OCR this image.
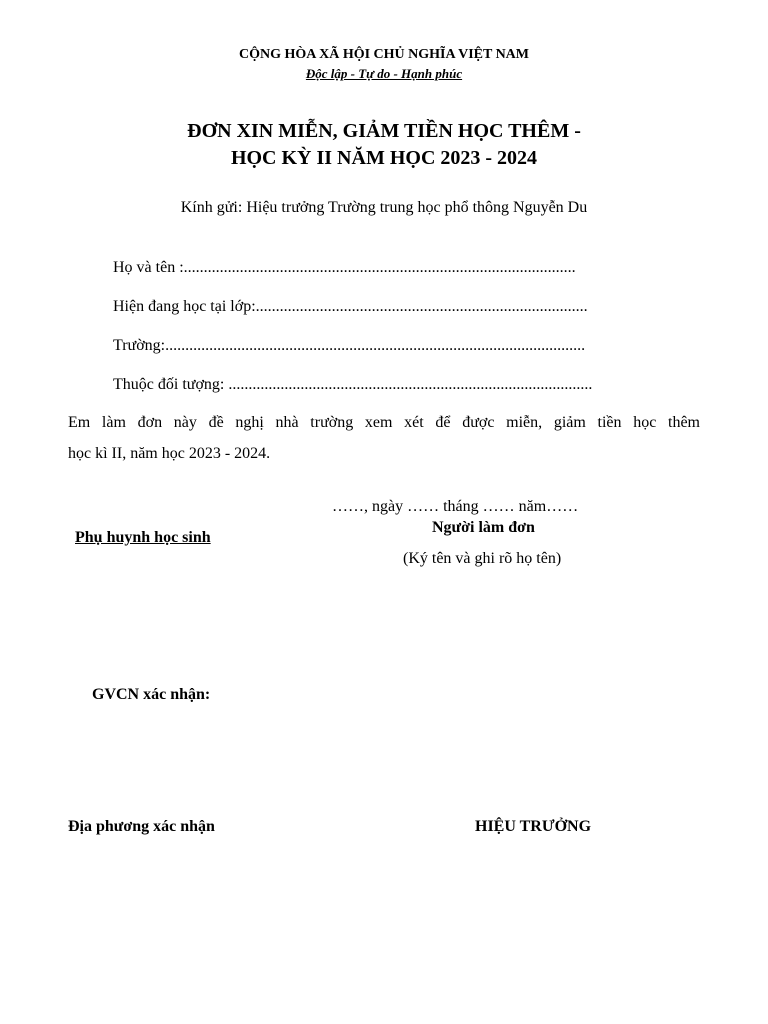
CỘNG HÒA XÃ HỘI CHỦ NGHĨA VIỆT NAM
Độc lập - Tự do - Hạnh phúc
ĐƠN XIN MIỄN, GIẢM TIỀN HỌC THÊM -
HỌC KỲ II NĂM HỌC 2023 - 2024
Kính gửi: Hiệu trưởng Trường trung học phổ thông Nguyễn Du
Họ và tên :..................................................................................................
Hiện đang học tại lớp:...................................................................................
Trường:.........................................................................................................
Thuộc đối tượng: ...........................................................................................
Em làm đơn này đề nghị nhà trường xem xét để được miễn, giảm tiền học thêm
học kì II, năm học 2023 - 2024.
……, ngày …… tháng …… năm……
Người làm đơn
(Ký tên và ghi rõ họ tên)
Phụ huynh học sinh
GVCN xác nhận:
Địa phương xác nhận	HIỆU TRƯỞNG
